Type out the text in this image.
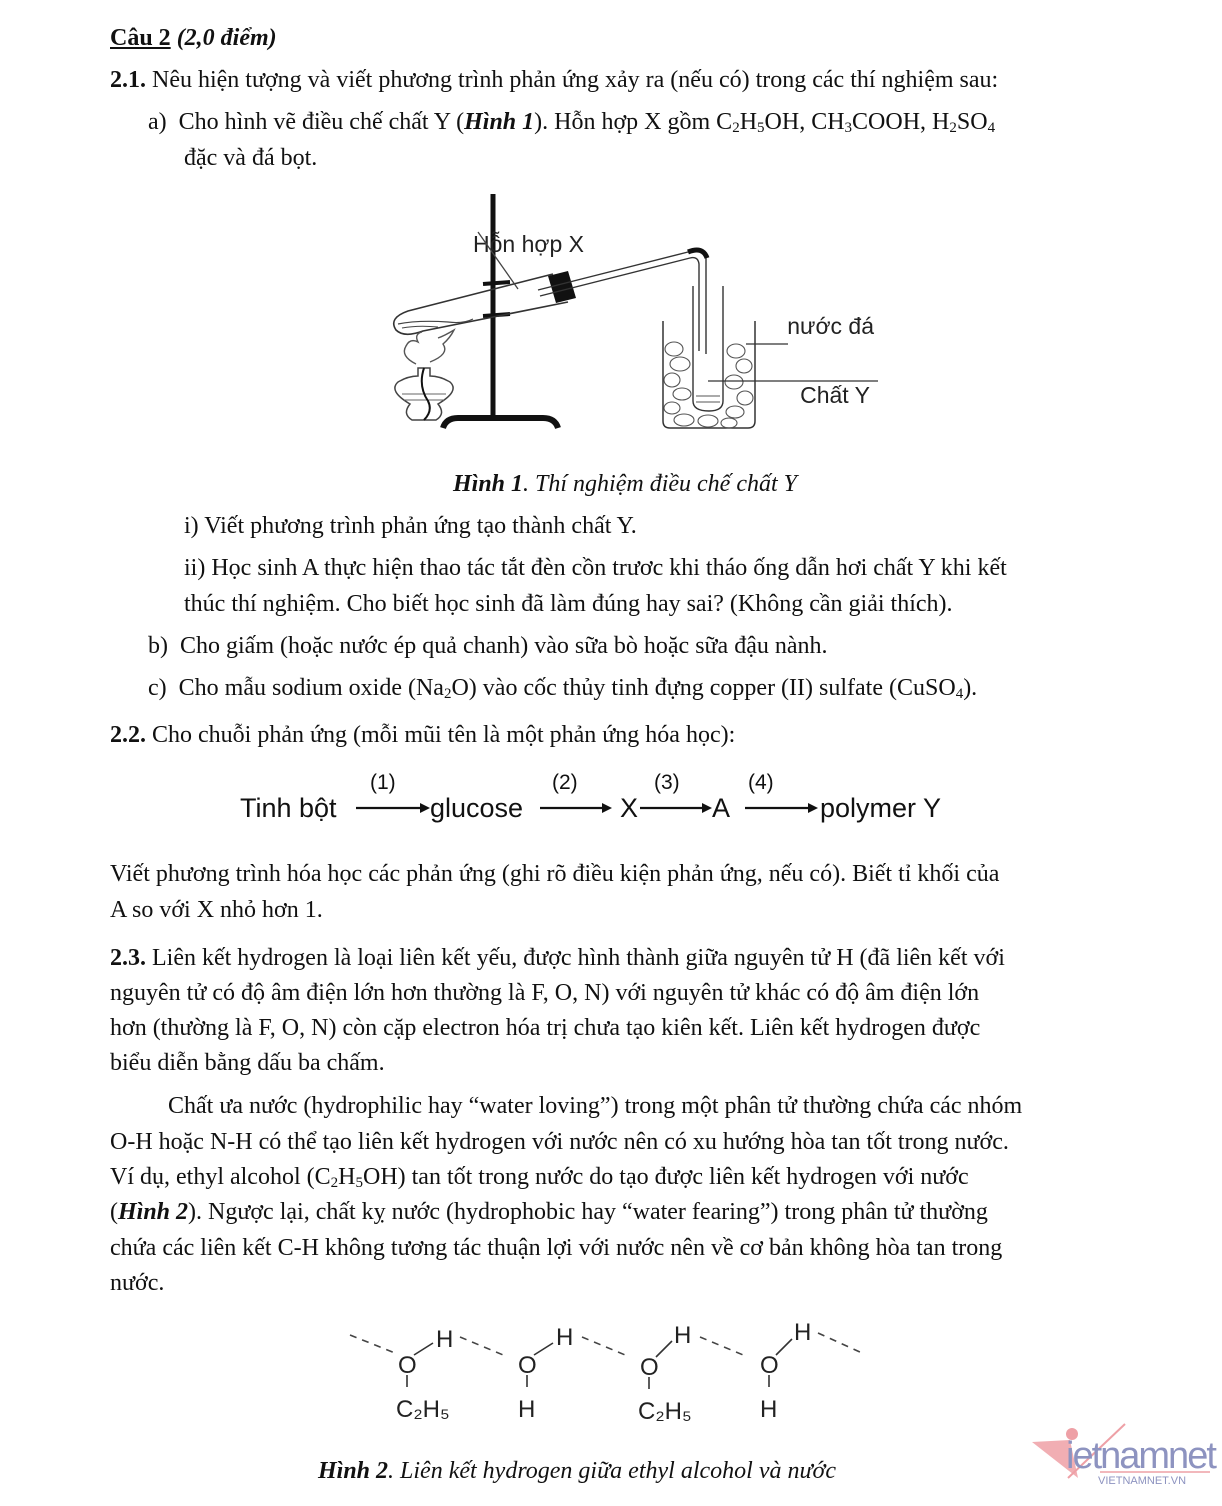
Câu 2 (2,0 điểm)
2.1. Nêu hiện tượng và viết phương trình phản ứng xảy ra (nếu có) trong các thí nghiệm sau:
a) Cho hình vẽ điều chế chất Y (Hình 1). Hỗn hợp X gồm $C_2H_5OH$, $CH_3COOH$, $H_2SO_4$
đặc và đá bọt.
Hỗn hợp X
nước đá
Chất Y
Hình 1. Thí nghiệm điều chế chất Y
i) Viết phương trình phản ứng tạo thành chất Y.
ii) Học sinh A thực hiện thao tác tắt đèn cồn trươc khi tháo ống dẫn hơi chất Y khi kết
thúc thí nghiệm. Cho biết học sinh đã làm đúng hay sai? (Không cần giải thích).
b) Cho giấm (hoặc nước ép quả chanh) vào sữa bò hoặc sữa đậu nành.
c) Cho mẫu sodium oxide $(Na_2O)$ vào cốc thủy tinh đựng copper (II) sulfate (CuSO$_4$).
2.2. Cho chuỗi phản ứng (mỗi mũi tên là một phản ứng hóa học):
Viết phương trình hóa học các phản ứng (ghi rõ điều kiện phản ứng, nếu có). Biết tỉ khối của
A so với X nhỏ hơn 1.
2.3. Liên kết hydrogen là loại liên kết yếu, được hình thành giữa nguyên tử H (đã liên kết với
nguyên tử có độ âm điện lớn hơn thường là F, O, N) với nguyên tử khác có độ âm điện lớn
hơn (thường là F, O, N) còn cặp electron hóa trị chưa tạo kiên kết. Liên kết hydrogen được
biểu diễn bằng dấu ba chấm.
Chất ưa nước (hydrophilic hay “water loving”) trong một phân tử thường chứa các nhóm
O-H hoặc N-H có thể tạo liên kết hydrogen với nước nên có xu hướng hòa tan tốt trong nước.
Ví dụ, ethyl alcohol $(C_2H_5OH)$ tan tốt trong nước do tạo được liên kết hydrogen với nước
(Hình 2). Ngược lại, chất kỵ nước (hydrophobic hay “water fearing”) trong phân tử thường
chứa các liên kết C-H không tương tác thuận lợi với nước nên về cơ bản không hòa tan trong
nước.
Tinh bột	glucose	X	A	polymer Y
(1)	(2)	(3)	(4)
O
H
C₂H₅
O
H
H
O
H
C₂H₅
O
H
H
Hình 2. Liên kết hydrogen giữa ethyl alcohol và nước	ietnamnet
VIETNAMNET.VN
